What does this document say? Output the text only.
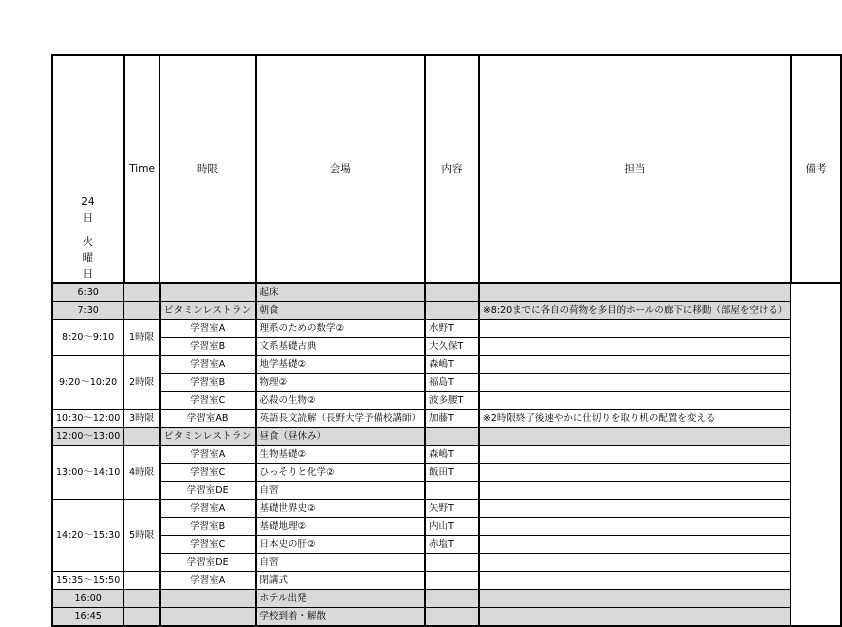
24
日
火
曜
日	Time	時限	会場	内容	担当	備考
6:30			起床			
7:30		ビタミンレストラン	朝食		※8:20までに各自の荷物を多目的ホールの廊下に移動（部屋を空ける）	
8:20～9:10	1時限	学習室A	理系のための数学②	水野T		
		学習室B	文系基礎古典	大久保T		
9:20～10:20	2時限	学習室A	地学基礎②	森嶋T		
		学習室B	物理②	福島T		
		学習室C	必殺の生物②	波多腰T		
10:30～12:00	3時限	学習室AB	英語長文読解（長野大学予備校講師）	加藤T	※2時限終了後速やかに仕切りを取り机の配置を変える	
12:00～13:00		ビタミンレストラン	昼食（昼休み）			
13:00～14:10	4時限	学習室A	生物基礎②	森嶋T		
		学習室C	ひっそりと化学②	飯田T		
		学習室DE	自習			
14:20～15:30	5時限	学習室A	基礎世界史②	矢野T		
		学習室B	基礎地理②	内山T		
		学習室C	日本史の肝②	赤塩T		
		学習室DE	自習			
15:35～15:50		学習室A	閉講式			
16:00			ホテル出発			
16:45			学校到着・解散			
